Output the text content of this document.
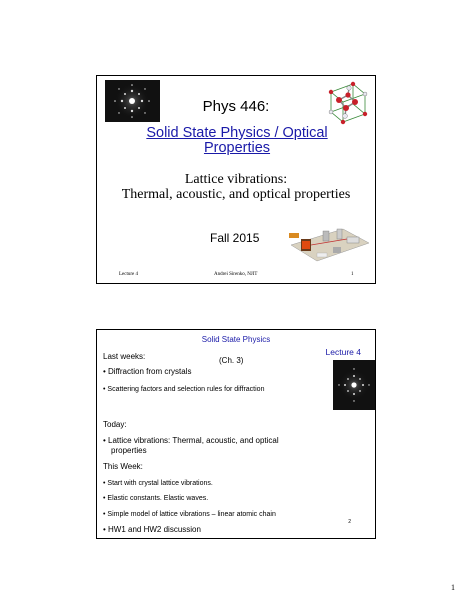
Phys 446:
Solid State Physics / Optical
Properties
Lattice vibrations:
Thermal, acoustic, and optical properties
Fall 2015
Lecture 4	Andrei Sirenko, NJIT	1
Solid State Physics
Lecture 4
Last weeks:	(Ch. 3)
• Diffraction from crystals
• Scattering factors and selection rules for diffraction
Today:
• Lattice vibrations: Thermal, acoustic, and optical
properties
This Week:
• Start with crystal lattice vibrations.
• Elastic constants. Elastic waves.
• Simple model of lattice vibrations – linear atomic chain
• HW1 and HW2 discussion
2
1
